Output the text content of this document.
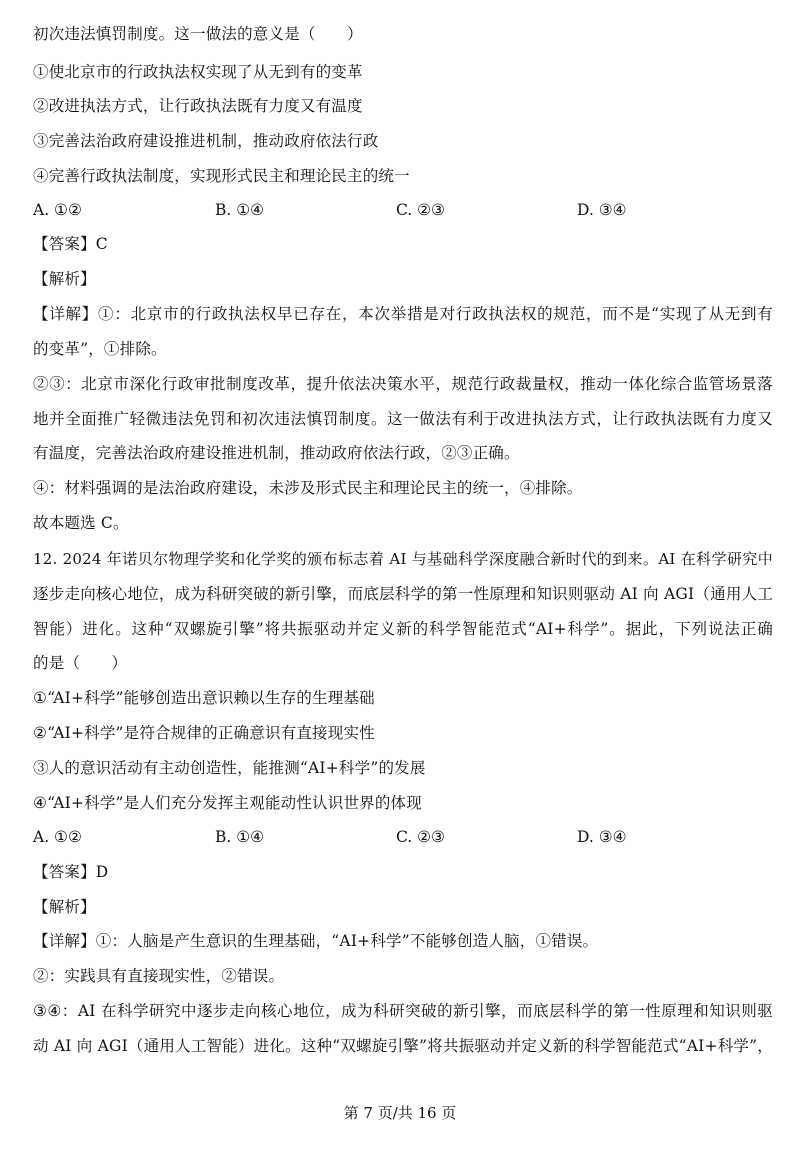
初次违法慎罚制度。这一做法的意义是（　　）
①使北京市的行政执法权实现了从无到有的变革
②改进执法方式，让行政执法既有力度又有温度
③完善法治政府建设推进机制，推动政府依法行政
④完善行政执法制度，实现形式民主和理论民主的统一
A. ①②	B. ①④	C. ②③	D. ③④
【答案】C
【解析】
【详解】①：北京市的行政执法权早已存在，本次举措是对行政执法权的规范，而不是“实现了从无到有
的变革”，①排除。
②③：北京市深化行政审批制度改革，提升依法决策水平，规范行政裁量权，推动一体化综合监管场景落
地并全面推广轻微违法免罚和初次违法慎罚制度。这一做法有利于改进执法方式，让行政执法既有力度又
有温度，完善法治政府建设推进机制，推动政府依法行政，②③正确。
④：材料强调的是法治政府建设，未涉及形式民主和理论民主的统一，④排除。
故本题选 C。
12. 2024 年诺贝尔物理学奖和化学奖的颁布标志着 AI 与基础科学深度融合新时代的到来。AI 在科学研究中
逐步走向核心地位，成为科研突破的新引擎，而底层科学的第一性原理和知识则驱动 AI 向 AGI（通用人工
智能）进化。这种“双螺旋引擎”将共振驱动并定义新的科学智能范式“AI+科学”。据此，下列说法正确
的是（　　）
①“AI+科学”能够创造出意识赖以生存的生理基础
②“AI+科学”是符合规律的正确意识有直接现实性
③人的意识活动有主动创造性，能推测“AI+科学”的发展
④“AI+科学”是人们充分发挥主观能动性认识世界的体现
A. ①②	B. ①④	C. ②③	D. ③④
【答案】D
【解析】
【详解】①：人脑是产生意识的生理基础，“AI+科学”不能够创造人脑，①错误。
②：实践具有直接现实性，②错误。
③④：AI 在科学研究中逐步走向核心地位，成为科研突破的新引擎，而底层科学的第一性原理和知识则驱
动 AI 向 AGI（通用人工智能）进化。这种“双螺旋引擎”将共振驱动并定义新的科学智能范式“AI+科学”，
第 7 页/共 16 页
